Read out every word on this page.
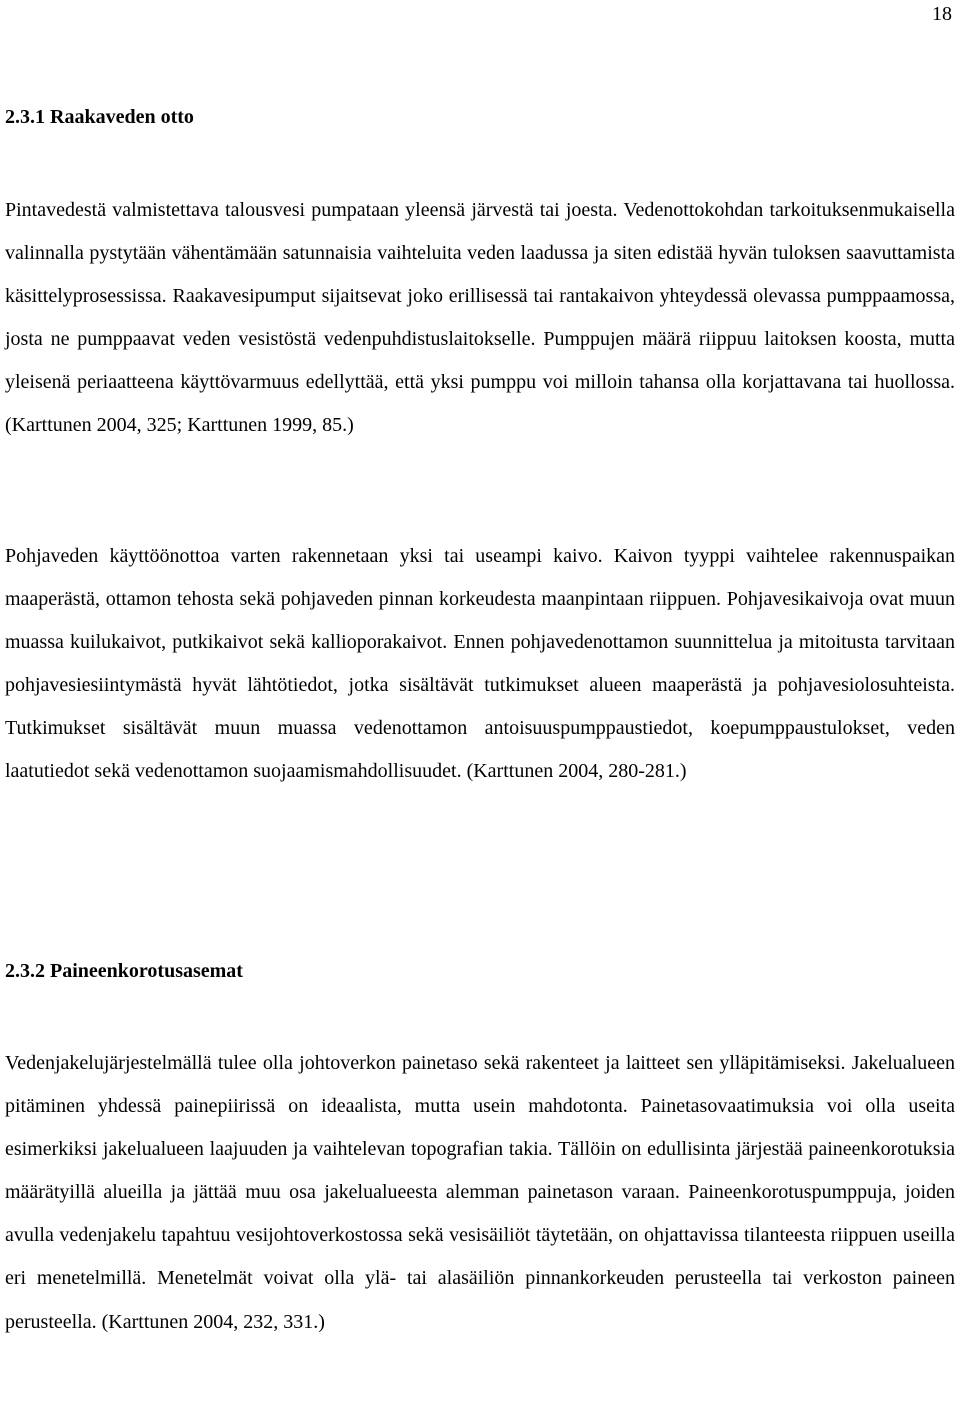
18
2.3.1 Raakaveden otto

Pintavedestä valmistettava talousvesi pumpataan yleensä järvestä tai joesta. Vedenottokohdan tarkoituksenmukaisella valinnalla pystytään vähentämään satunnaisia vaihteluita veden laadussa ja siten edistää hyvän tuloksen saavuttamista käsittelyprosessissa. Raakavesipumput sijaitsevat joko erillisessä tai rantakaivon yhteydessä olevassa pumppaamossa, josta ne pumppaavat veden vesistöstä vedenpuhdistuslaitokselle. Pumppujen määrä riippuu laitoksen koosta, mutta yleisenä periaatteena käyttövarmuus edellyttää, että yksi pumppu voi milloin tahansa olla korjattavana tai huollossa. (Karttunen 2004, 325; Karttunen 1999, 85.)

Pohjaveden käyttöönottoa varten rakennetaan yksi tai useampi kaivo. Kaivon tyyppi vaihtelee rakennuspaikan maaperästä, ottamon tehosta sekä pohjaveden pinnan korkeudesta maanpintaan riippuen. Pohjavesikaivoja ovat muun muassa kuilukaivot, putkikaivot sekä kallioporakaivot. Ennen pohjavedenottamon suunnittelua ja mitoitusta tarvitaan pohjavesiesiintymästä hyvät lähtötiedot, jotka sisältävät tutkimukset alueen maaperästä ja pohjavesiolosuhteista. Tutkimukset sisältävät muun muassa vedenottamon antoisuuspumppaustiedot, koepumppaustulokset, veden laatutiedot sekä vedenottamon suojaamismahdollisuudet. (Karttunen 2004, 280-281.)

2.3.2 Paineenkorotusasemat

Vedenjakelujärjestelmällä tulee olla johtoverkon painetaso sekä rakenteet ja laitteet sen ylläpitämiseksi. Jakelualueen pitäminen yhdessä painepiirissä on ideaalista, mutta usein mahdotonta. Painetasovaatimuksia voi olla useita esimerkiksi jakelualueen laajuuden ja vaihtelevan topografian takia. Tällöin on edullisinta järjestää paineenkorotuksia määrätyillä alueilla ja jättää muu osa jakelualueesta alemman painetason varaan. Paineenkorotuspumppuja, joiden avulla vedenjakelu tapahtuu vesijohtoverkostossa sekä vesisäiliöt täytetään, on ohjattavissa tilanteesta riippuen useilla eri menetelmillä. Menetelmät voivat olla ylä- tai alasäiliön pinnankorkeuden perusteella tai verkoston paineen perusteella. (Karttunen 2004, 232, 331.)
